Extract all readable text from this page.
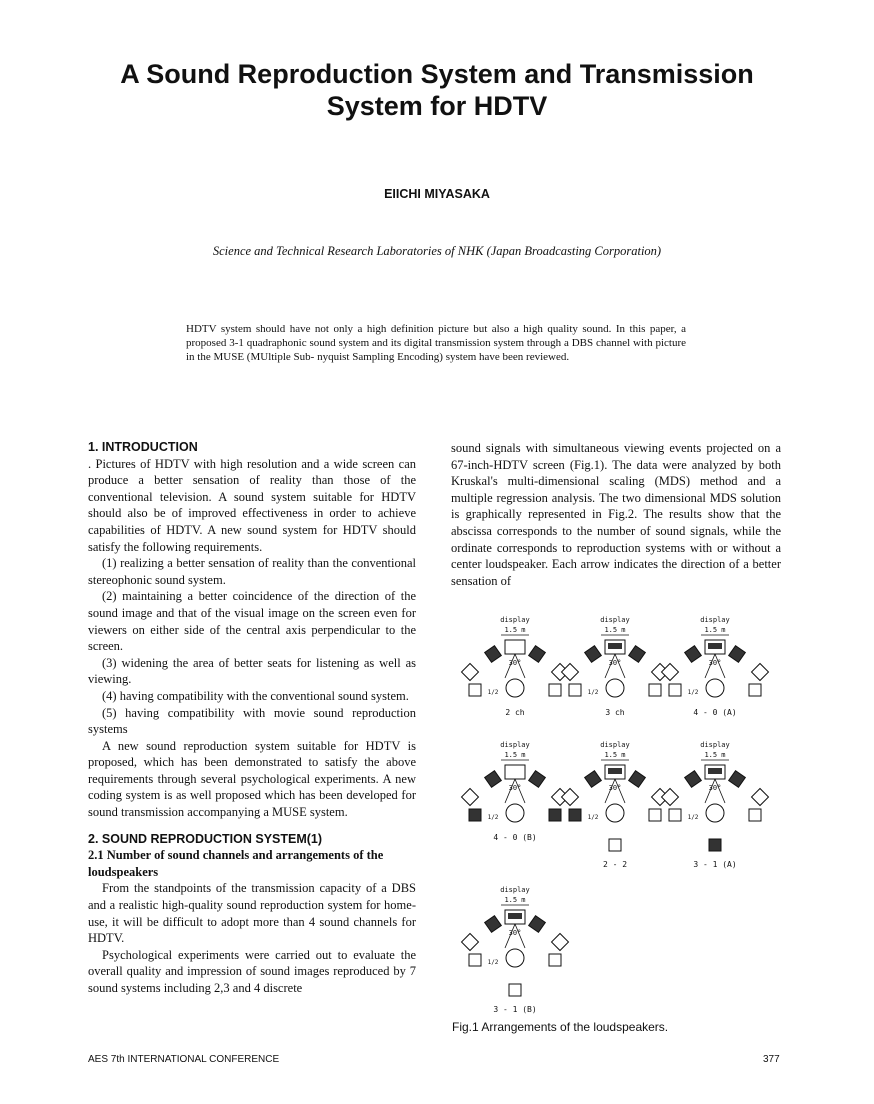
A Sound Reproduction System and Transmission
System for HDTV
EIICHI MIYASAKA
Science and Technical Research Laboratories of NHK (Japan Broadcasting Corporation)
HDTV system should have not only a high definition picture but also a high quality sound. In this paper, a proposed 3-1 quadraphonic sound system and its digital transmission system through a DBS channel with picture in the MUSE (MUltiple Sub- nyquist Sampling Encoding) system have been reviewed.
1. INTRODUCTION

. Pictures of HDTV with high resolution and a wide screen can produce a better sensation of reality than those of the conventional television. A sound system suitable for HDTV should also be of improved effectiveness in order to achieve capabilities of HDTV. A new sound system for HDTV should satisfy the following requirements.

(1) realizing a better sensation of reality than the conventional stereophonic sound system.

(2) maintaining a better coincidence of the direction of the sound image and that of the visual image on the screen even for viewers on either side of the central axis perpendicular to the screen.

(3) widening the area of better seats for listening as well as viewing.

(4) having compatibility with the conventional sound system.

(5) having compatibility with movie sound reproduction systems

A new sound reproduction system suitable for HDTV is proposed, which has been demonstrated to satisfy the above requirements through several psychological experiments. A new coding system is as well proposed which has been developed for sound transmission accompanying a MUSE system.

2. SOUND REPRODUCTION SYSTEM(1)
2.1 Number of sound channels and arrangements of the loudspeakers

From the standpoints of the transmission capacity of a DBS and a realistic high-quality sound reproduction system for home-use, it will be difficult to adopt more than 4 sound channels for HDTV.

Psychological experiments were carried out to evaluate the overall quality and impression of sound images reproduced by 7 sound systems including 2,3 and 4 discrete

sound signals with simultaneous viewing events projected on a 67-inch-HDTV screen (Fig.1). The data were analyzed by both Kruskal's multi-dimensional scaling (MDS) method and a multiple regression analysis. The two dimensional MDS solution is graphically represented in Fig.2. The results show that the abscissa corresponds to the number of sound signals, while the ordinate corresponds to reproduction systems with or without a center loudspeaker. Each arrow indicates the direction of a better sensation of

display
1.5 m
30°
1/2
2 ch
display
1.5 m
30°
1/2
3 ch
display
1.5 m
30°
1/2
4 - 0 (A)
display
1.5 m
30°
1/2
4 - 0 (B)
display
1.5 m
30°
1/2
2 - 2
display
1.5 m
30°
1/2
3 - 1 (A)
display
1.5 m
30°
1/2
3 - 1 (B)
Fig.1 Arrangements of the loudspeakers.
AES 7th INTERNATIONAL CONFERENCE	377
